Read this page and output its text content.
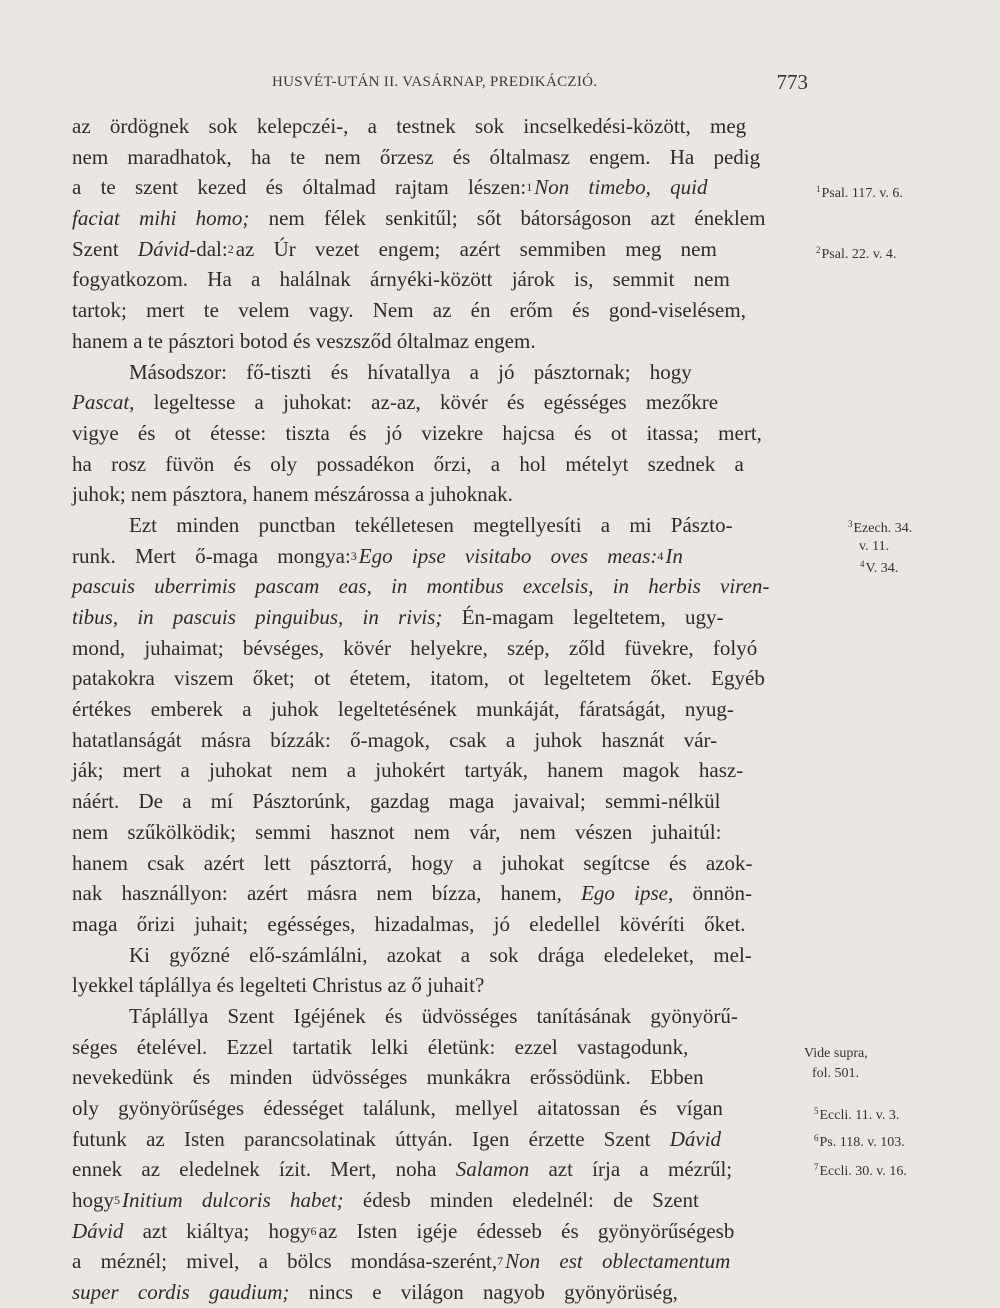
HUSVÉT-UTÁN II. VASÁRNAP, PREDIKÁCZIÓ.	773
az ördögnek sok kelepczéi-, a testnek sok incselkedési-között, meg
nem maradhatok, ha te nem őrzesz és óltalmasz engem. Ha pedig
a te szent kezed és óltalmad rajtam lészen: 1 Non timebo, quid
faciat mihi homo; nem félek senkitűl; sőt bátorságoson azt éneklem
Szent Dávid -dal: 2 az Úr vezet engem; azért semmiben meg nem
fogyatkozom. Ha a halálnak árnyéki-között járok is, semmit nem
tartok; mert te velem vagy. Nem az én erőm és gond-viselésem,
hanem a te pásztori botod és veszsződ óltalmaz engem.
Másodszor: fő-tiszti és hívatallya a jó pásztornak; hogy
Pascat, legeltesse a juhokat: az-az, kövér és egésséges mezőkre
vigye és ot étesse: tiszta és jó vizekre hajcsa és ot itassa; mert,
ha rosz füvön és oly possadékon őrzi, a hol mételyt szednek a
juhok; nem pásztora, hanem mészárossa a juhoknak.
Ezt minden punctban tekélletesen megtellyesíti a mi Pászto-
runk. Mert ő-maga mongya: 3 Ego ipse visitabo oves meas: 4 In
pascuis uberrimis pascam eas, in montibus excelsis, in herbis viren-
tibus, in pascuis pinguibus, in rivis; Én-magam legeltetem, ugy-
mond, juhaimat; bévséges, kövér helyekre, szép, zőld füvekre, folyó
patakokra viszem őket; ot étetem, itatom, ot legeltetem őket. Egyéb
értékes emberek a juhok legeltetésének munkáját, fáratságát, nyug-
hatatlanságát másra bízzák: ő-magok, csak a juhok hasznát vár-
ják; mert a juhokat nem a juhokért tartyák, hanem magok hasz-
náért. De a mí Pásztorúnk, gazdag maga javaival; semmi-nélkül
nem szűkölködik; semmi hasznot nem vár, nem vészen juhaitúl:
hanem csak azért lett pásztorrá, hogy a juhokat segítcse és azok-
nak használlyon: azért másra nem bízza, hanem, Ego ipse, önnön-
maga őrizi juhait; egésséges, hizadalmas, jó eledellel kövéríti őket.
Ki győzné elő-számlálni, azokat a sok drága eledeleket, mel-
lyekkel táplállya és legelteti Christus az ő juhait?
Táplállya Szent Igéjének és üdvösséges tanításának gyönyörű-
séges ételével. Ezzel tartatik lelki életünk: ezzel vastagodunk,
nevekedünk és minden üdvösséges munkákra erőssödünk. Ebben
oly gyönyörűséges édességet találunk, mellyel aitatossan és vígan
futunk az Isten parancsolatinak úttyán. Igen érzette Szent Dávid
ennek az eledelnek ízit. Mert, noha Salamon azt írja a mézrűl;
hogy 5 Initium dulcoris habet; édesb minden eledelnél: de Szent
Dávid azt kiáltya; hogy 6 az Isten igéje édesseb és gyönyörűségesb
a méznél; mivel, a bölcs mondása-szerént, 7 Non est oblectamentum
super cordis gaudium; nincs e világon nagyob gyönyörüség,
$^1$Psal. 117. v. 6.
$^2$Psal. 22. v. 4.
$^3$Ezech. 34.
v. 11.
$^4$V. 34.
Vide supra,
fol. 501.
$^5$Eccli. 11. v. 3.
$^6$Ps. 118. v. 103.
$^7$Eccli. 30. v. 16.
